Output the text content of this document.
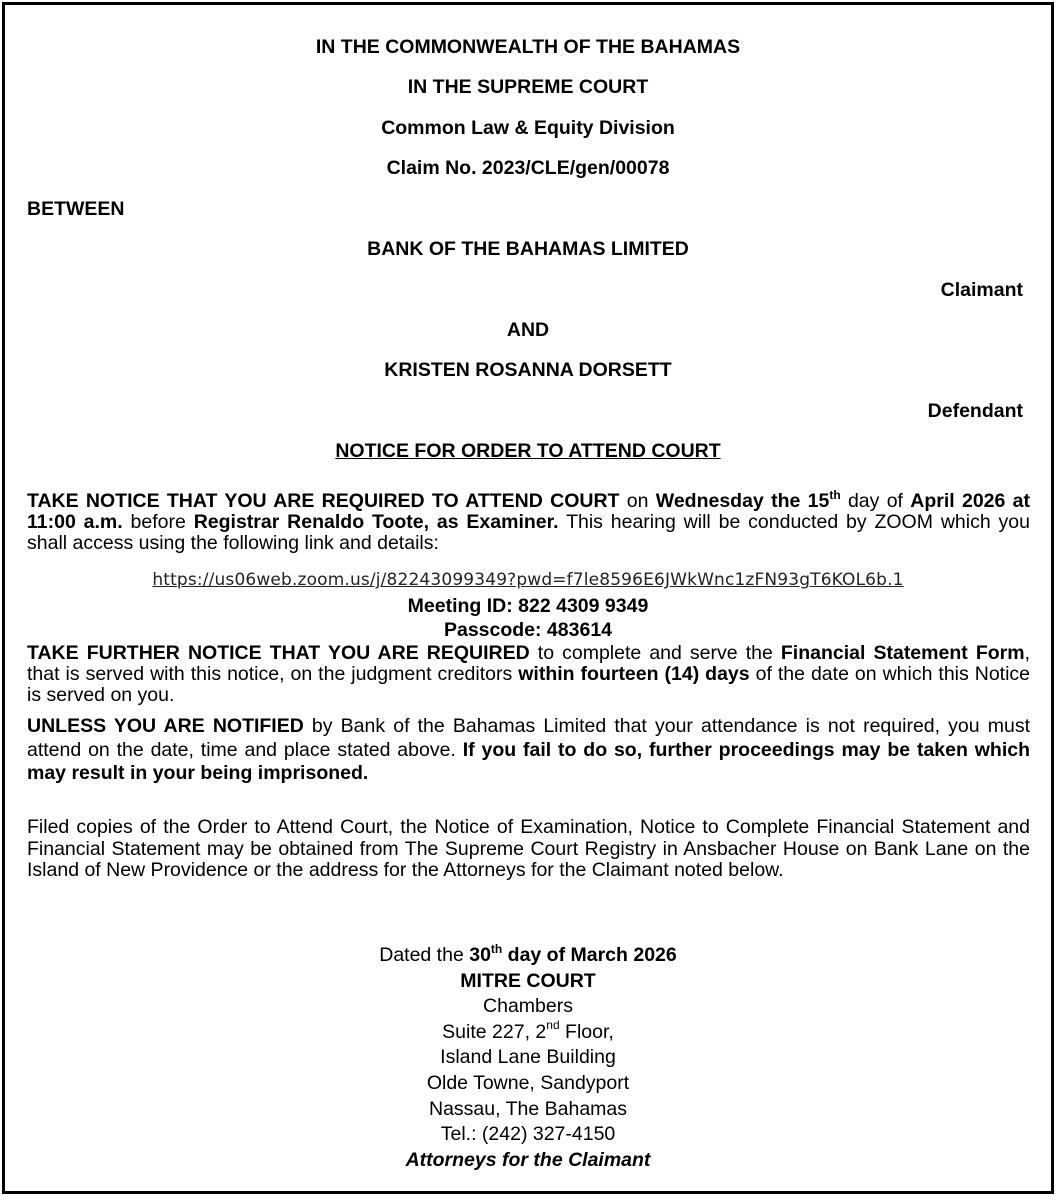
IN THE COMMONWEALTH OF THE BAHAMAS
IN THE SUPREME COURT
Common Law & Equity Division
Claim No. 2023/CLE/gen/00078
BETWEEN
BANK OF THE BAHAMAS LIMITED
Claimant
AND
KRISTEN ROSANNA DORSETT
Defendant
NOTICE FOR ORDER TO ATTEND COURT
TAKE NOTICE THAT YOU ARE REQUIRED TO ATTEND COURT on Wednesday the 15th day of April 2026 at 11:00 a.m. before Registrar Renaldo Toote, as Examiner. This hearing will be conducted by ZOOM which you shall access using the following link and details:
https://us06web.zoom.us/j/82243099349?pwd=f7le8596E6JWkWnc1zFN93gT6KOL6b.1
Meeting ID: 822 4309 9349
Passcode: 483614
TAKE FURTHER NOTICE THAT YOU ARE REQUIRED to complete and serve the Financial Statement Form, that is served with this notice, on the judgment creditors within fourteen (14) days of the date on which this Notice is served on you.
UNLESS YOU ARE NOTIFIED by Bank of the Bahamas Limited that your attendance is not required, you must attend on the date, time and place stated above. If you fail to do so, further proceedings may be taken which may result in your being imprisoned.
Filed copies of the Order to Attend Court, the Notice of Examination, Notice to Complete Financial Statement and Financial Statement may be obtained from The Supreme Court Registry in Ansbacher House on Bank Lane on the Island of New Providence or the address for the Attorneys for the Claimant noted below.
Dated the 30th day of March 2026
MITRE COURT
Chambers
Suite 227, 2nd Floor,
Island Lane Building
Olde Towne, Sandyport
Nassau, The Bahamas
Tel.: (242) 327-4150
Attorneys for the Claimant
